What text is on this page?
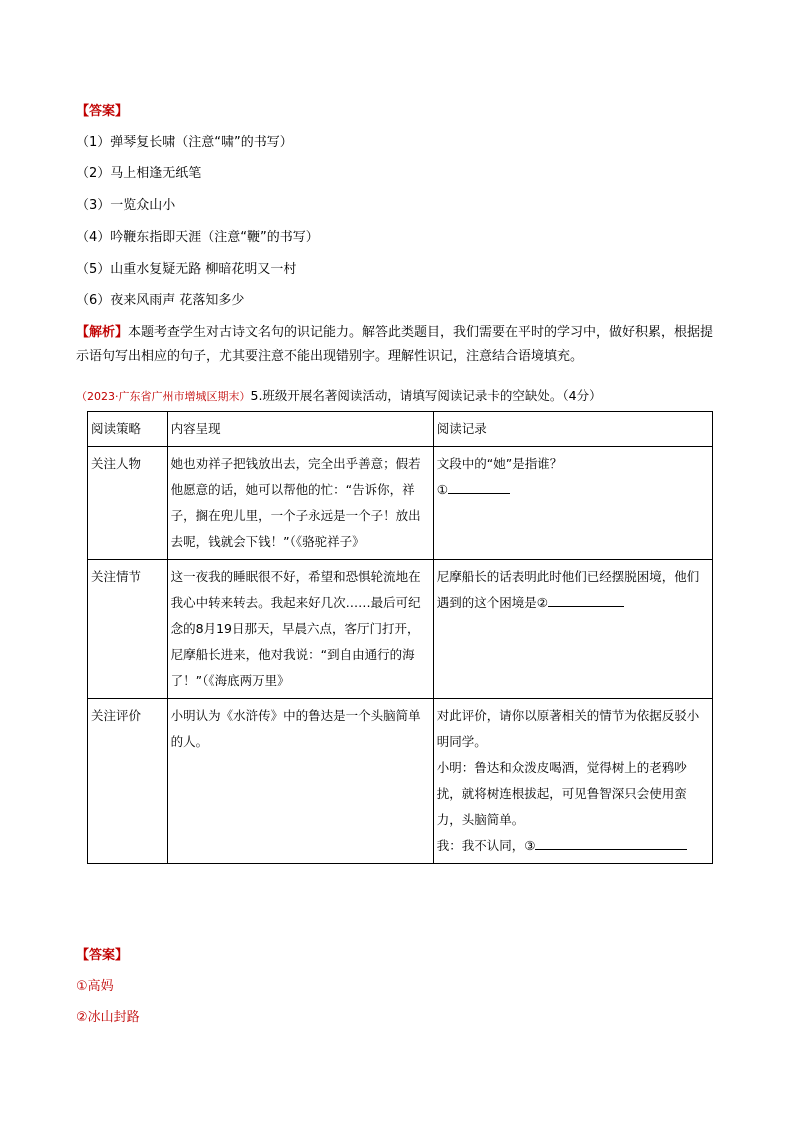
【答案】
（1）弹琴复长啸（注意“啸”的书写）
（2）马上相逢无纸笔
（3）一览众山小
（4）吟鞭东指即天涯（注意“鞭”的书写）
（5）山重水复疑无路 柳暗花明又一村
（6）夜来风雨声 花落知多少
【解析】本题考查学生对古诗文名句的识记能力。解答此类题目，我们需要在平时的学习中，做好积累，根据提示语句写出相应的句子，尤其要注意不能出现错别字。理解性识记，注意结合语境填充。
（2023·广东省广州市增城区期末）5.班级开展名著阅读活动，请填写阅读记录卡的空缺处。（4分）
阅读策略	内容呈现	阅读记录
关注人物	她也劝祥子把钱放出去，完全出乎善意；假若他愿意的话，她可以帮他的忙：“告诉你，祥子，搁在兜儿里，一个子永远是一个子！放出去呢，钱就会下钱！”（《骆驼祥子》	文段中的“她”是指谁？
①

关注情节	这一夜我的睡眠很不好，希望和恐惧轮流地在我心中转来转去。我起来好几次……最后可纪念的8月19日那天，早晨六点，客厅门打开，尼摩船长进来，他对我说：“到自由通行的海了！”（《海底两万里》	尼摩船长的话表明此时他们已经摆脱困境，他们遇到的这个困境是②
关注评价	小明认为《水浒传》中的鲁达是一个头脑简单的人。	对此评价，请你以原著相关的情节为依据反驳小明同学。
小明：鲁达和众泼皮喝酒，觉得树上的老鸦吵扰，就将树连根拔起，可见鲁智深只会使用蛮力，头脑简单。
我：我不认同，③
【答案】
①高妈
②冰山封路
